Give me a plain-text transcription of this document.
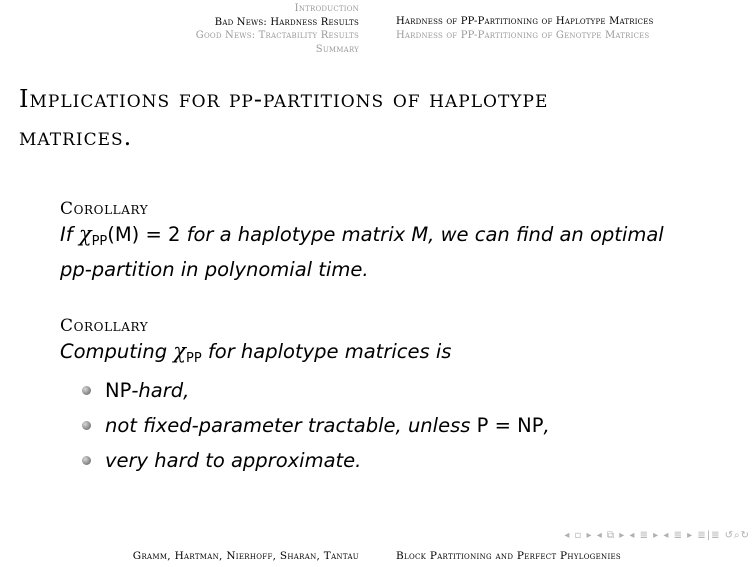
Introduction
Bad News: Hardness Results
Good News: Tractability Results
Summary
Hardness of PP-Partitioning of Haplotype Matrices
Hardness of PP-Partitioning of Genotype Matrices
Implications for pp-partitions of haplotype
matrices.
Corollary
If $\chi_{PP}(M) = 2$ for a haplotype matrix M, we can find an optimal
pp-partition in polynomial time.
Corollary
Computing $\chi_{PP}$ for haplotype matrices is
NP-hard,
not fixed-parameter tractable, unless P = NP,
very hard to approximate.
◂ ▫ ▸ ◂ ⧉ ▸ ◂ ≣ ▸ ◂ ≣ ▸ ≣|≣ ↺⌕↻
Gramm, Hartman, Nierhoff, Sharan, Tantau	Block Partitioning and Perfect Phylogenies
